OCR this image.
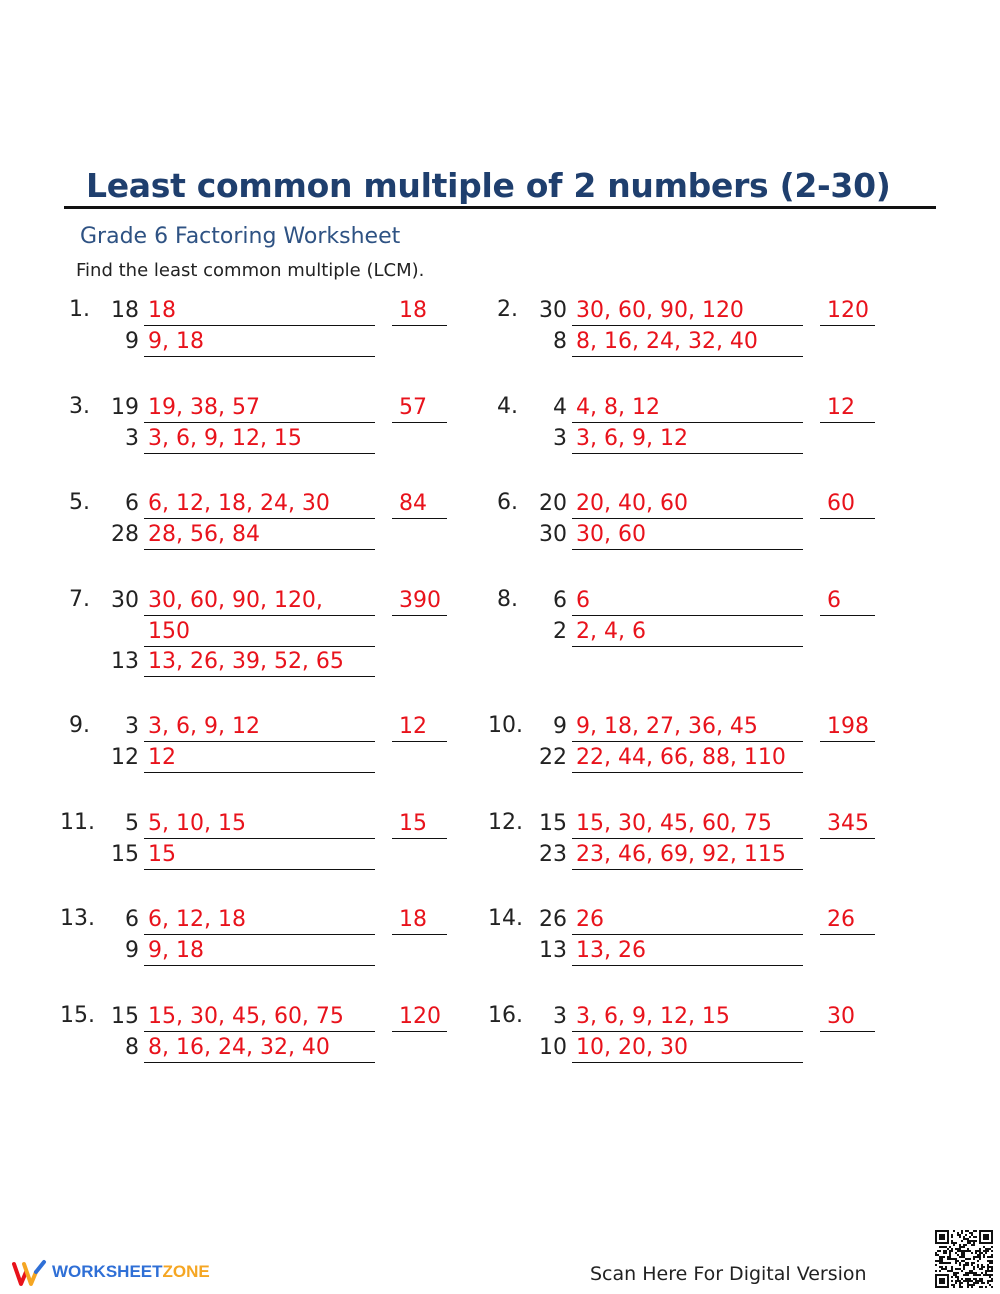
Least common multiple of 2 numbers (2-30)
Grade 6 Factoring Worksheet
Find the least common multiple (LCM).
1. 18 18	18
9 9, 18
2. 30 30, 60, 90, 120	120
8 8, 16, 24, 32, 40
3. 19 19, 38, 57	57
3 3, 6, 9, 12, 15
4.	4 4, 8, 12	12
3 3, 6, 9, 12
5.	6 6, 12, 18, 24, 30	84
28 28, 56, 84
6. 20 20, 40, 60	60
30 30, 60
7. 30 30, 60, 90, 120,	390
150
13 13, 26, 39, 52, 65
8.	6 6	6
2 2, 4, 6
9.	3 3, 6, 9, 12	12
12 12
10.	9 9, 18, 27, 36, 45	198
22 22, 44, 66, 88, 110
11.	5 5, 10, 15	15
15 15
12. 15 15, 30, 45, 60, 75	345
23 23, 46, 69, 92, 115
13.	6 6, 12, 18	18
9 9, 18
14. 26 26	26
13 13, 26
15. 15 15, 30, 45, 60, 75	120
8 8, 16, 24, 32, 40
16.	3 3, 6, 9, 12, 15	30
10 10, 20, 30
WORKSHEETZONE	Scan Here For Digital Version
